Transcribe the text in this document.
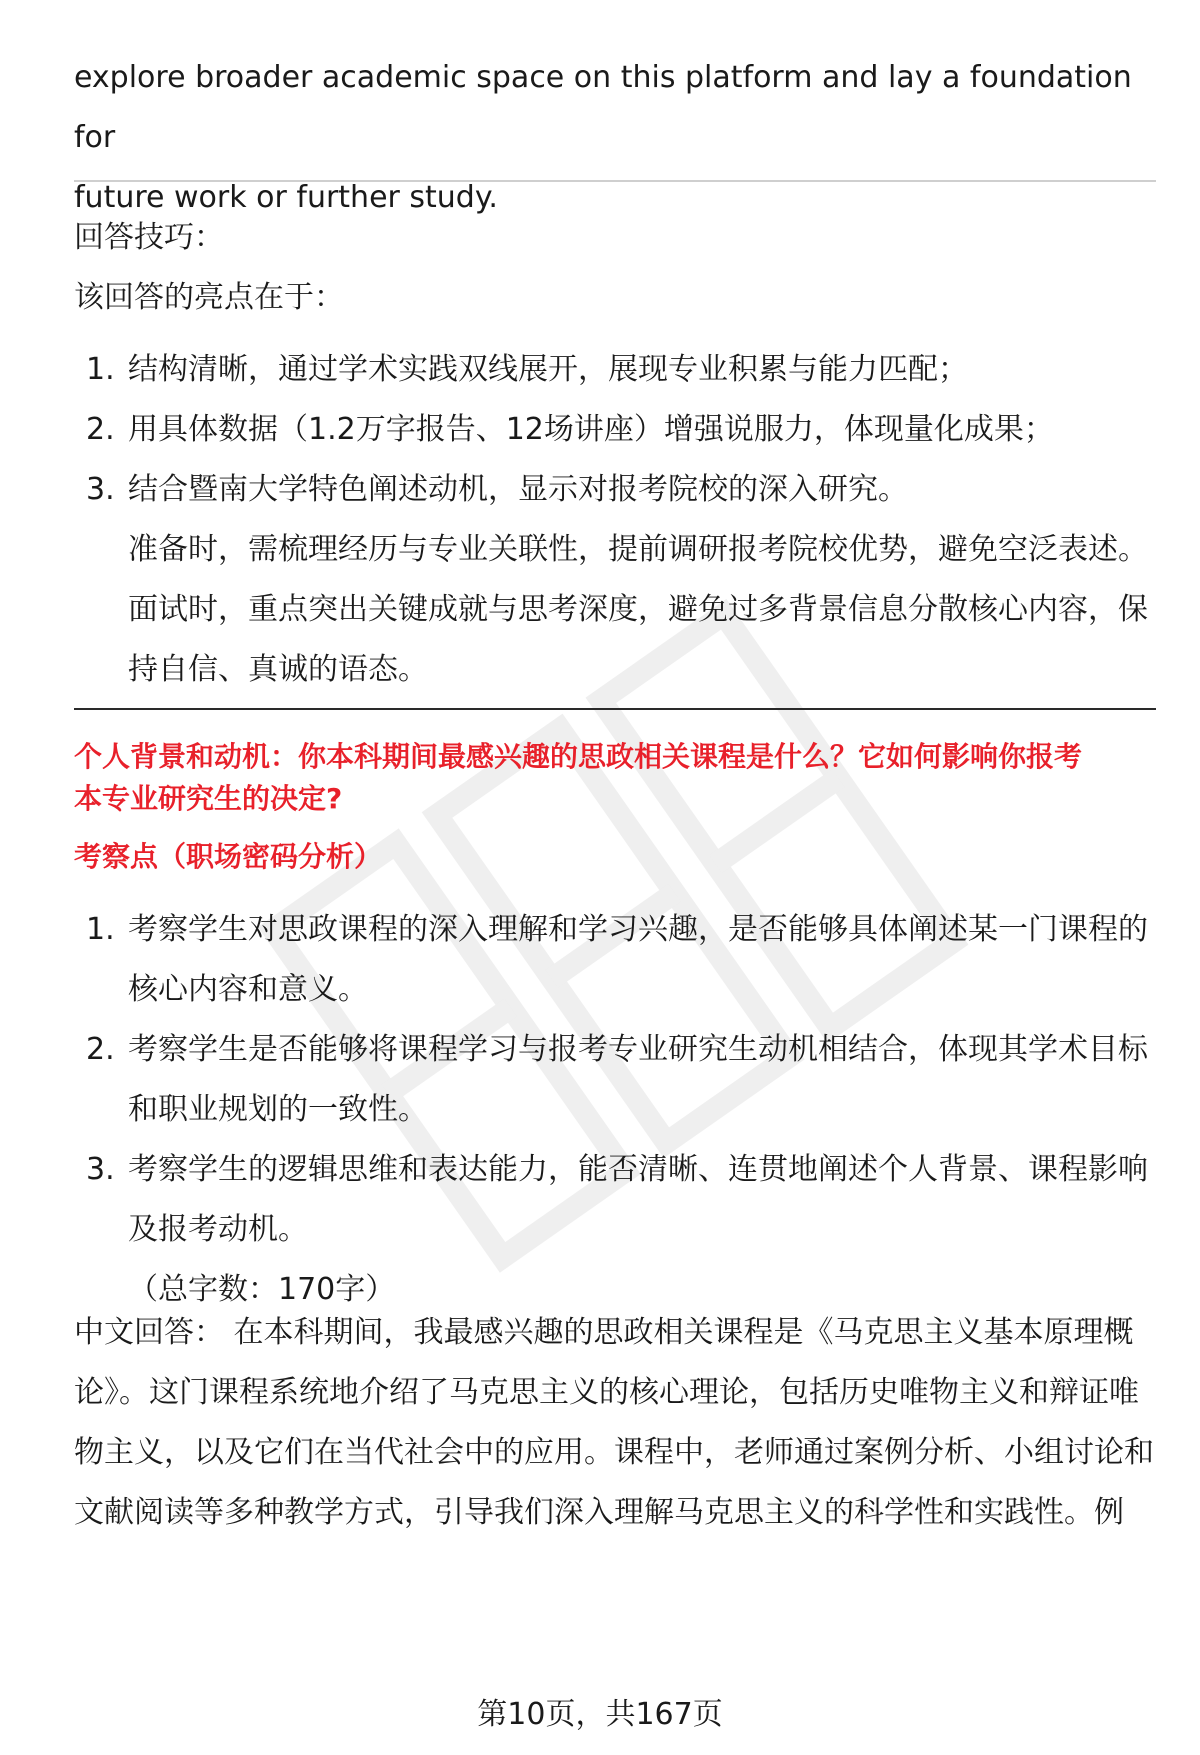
explore broader academic space on this platform and lay a foundation for

future work or further study.

回答技巧：

该回答的亮点在于：

1. 结构清晰，通过学术实践双线展开，展现专业积累与能力匹配；
2. 用具体数据（1.2万字报告、12场讲座）增强说服力，体现量化成果；
3. 结合暨南大学特色阐述动机，显示对报考院校的深入研究。

准备时，需梳理经历与专业关联性，提前调研报考院校优势，避免空泛表述。

面试时，重点突出关键成就与思考深度，避免过多背景信息分散核心内容，保

持自信、真诚的语态。

个人背景和动机：你本科期间最感兴趣的思政相关课程是什么？它如何影响你报考

本专业研究生的决定?

考察点（职场密码分析）

1. 考察学生对思政课程的深入理解和学习兴趣，是否能够具体阐述某一门课程的

核心内容和意义。

2. 考察学生是否能够将课程学习与报考专业研究生动机相结合，体现其学术目标

和职业规划的一致性。

3. 考察学生的逻辑思维和表达能力，能否清晰、连贯地阐述个人背景、课程影响

及报考动机。

（总字数：170字）

中文回答： 在本科期间，我最感兴趣的思政相关课程是《马克思主义基本原理概

论》。这门课程系统地介绍了马克思主义的核心理论，包括历史唯物主义和辩证唯

物主义，以及它们在当代社会中的应用。课程中，老师通过案例分析、小组讨论和

文献阅读等多种教学方式，引导我们深入理解马克思主义的科学性和实践性。例

第10页，共167页
